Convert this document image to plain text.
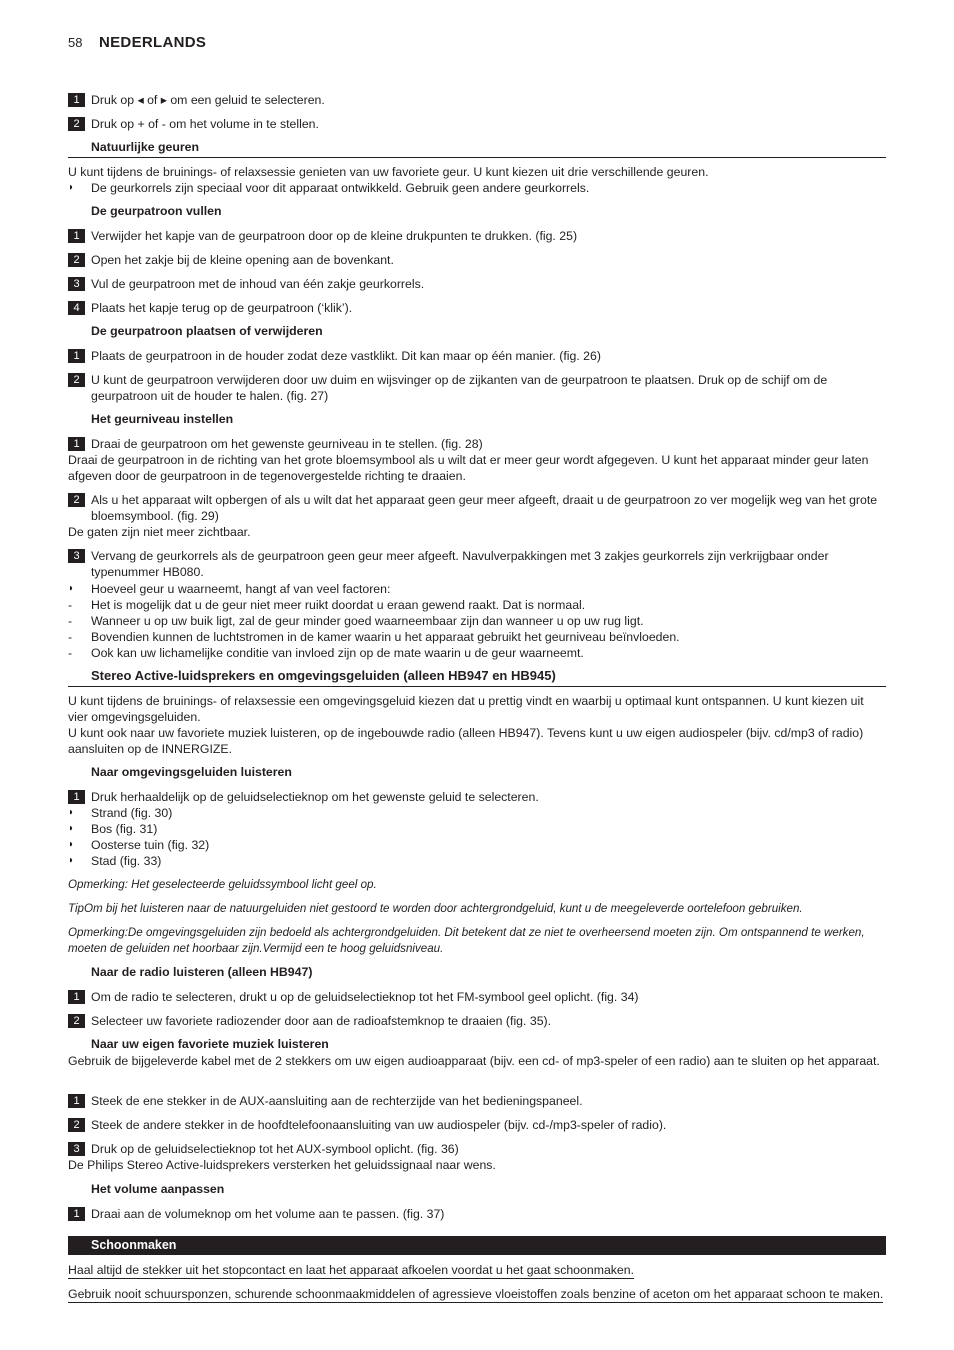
58 NEDERLANDS
1 Druk op ◂ of ▸ om een geluid te selecteren.
2 Druk op + of - om het volume in te stellen.
Natuurlijke geuren
U kunt tijdens de bruinings- of relaxsessie genieten van uw favoriete geur. U kunt kiezen uit drie verschillende geuren.
◗	De geurkorrels zijn speciaal voor dit apparaat ontwikkeld. Gebruik geen andere geurkorrels.
De geurpatroon vullen
1 Verwijder het kapje van de geurpatroon door op de kleine drukpunten te drukken. (fig. 25)
2 Open het zakje bij de kleine opening aan de bovenkant.
3 Vul de geurpatroon met de inhoud van één zakje geurkorrels.
4 Plaats het kapje terug op de geurpatroon (‘klik’).
De geurpatroon plaatsen of verwijderen
1 Plaats de geurpatroon in de houder zodat deze vastklikt. Dit kan maar op één manier. (fig. 26)
2 U kunt de geurpatroon verwijderen door uw duim en wijsvinger op de zijkanten van de geurpatroon te plaatsen. Druk op de schijf om de geurpatroon uit de houder te halen. (fig. 27)
Het geurniveau instellen
1 Draai de geurpatroon om het gewenste geurniveau in te stellen. (fig. 28)
Draai de geurpatroon in de richting van het grote bloemsymbool als u wilt dat er meer geur wordt afgegeven. U kunt het apparaat minder geur laten afgeven door de geurpatroon in de tegenovergestelde richting te draaien.
2 Als u het apparaat wilt opbergen of als u wilt dat het apparaat geen geur meer afgeeft, draait u de geurpatroon zo ver mogelijk weg van het grote bloemsymbool. (fig. 29)
De gaten zijn niet meer zichtbaar.
3 Vervang de geurkorrels als de geurpatroon geen geur meer afgeeft. Navulverpakkingen met 3 zakjes geurkorrels zijn verkrijgbaar onder typenummer HB080.
◗	Hoeveel geur u waarneemt, hangt af van veel factoren:
-	Het is mogelijk dat u de geur niet meer ruikt doordat u eraan gewend raakt. Dat is normaal.
-	Wanneer u op uw buik ligt, zal de geur minder goed waarneembaar zijn dan wanneer u op uw rug ligt.
-	Bovendien kunnen de luchtstromen in de kamer waarin u het apparaat gebruikt het geurniveau beïnvloeden.
-	Ook kan uw lichamelijke conditie van invloed zijn op de mate waarin u de geur waarneemt.
Stereo Active-luidsprekers en omgevingsgeluiden (alleen HB947 en HB945)
U kunt tijdens de bruinings- of relaxsessie een omgevingsgeluid kiezen dat u prettig vindt en waarbij u optimaal kunt ontspannen. U kunt kiezen uit vier omgevingsgeluiden.
U kunt ook naar uw favoriete muziek luisteren, op de ingebouwde radio (alleen HB947). Tevens kunt u uw eigen audiospeler (bijv. cd/mp3 of radio) aansluiten op de INNERGIZE.
Naar omgevingsgeluiden luisteren
1 Druk herhaaldelijk op de geluidselectieknop om het gewenste geluid te selecteren.
◗	Strand (fig. 30)
◗	Bos (fig. 31)
◗	Oosterse tuin (fig. 32)
◗	Stad (fig. 33)
Opmerking: Het geselecteerde geluidssymbool licht geel op.
TipOm bij het luisteren naar de natuurgeluiden niet gestoord te worden door achtergrondgeluid, kunt u de meegeleverde oortelefoon gebruiken.
Opmerking:De omgevingsgeluiden zijn bedoeld als achtergrondgeluiden. Dit betekent dat ze niet te overheersend moeten zijn. Om ontspannend te werken, moeten de geluiden net hoorbaar zijn.Vermijd een te hoog geluidsniveau.
Naar de radio luisteren (alleen HB947)
1 Om de radio te selecteren, drukt u op de geluidselectieknop tot het FM-symbool geel oplicht. (fig. 34)
2 Selecteer uw favoriete radiozender door aan de radioafstemknop te draaien (fig. 35).
Naar uw eigen favoriete muziek luisteren
Gebruik de bijgeleverde kabel met de 2 stekkers om uw eigen audioapparaat (bijv. een cd- of mp3-speler of een radio) aan te sluiten op het apparaat.
1 Steek de ene stekker in de AUX-aansluiting aan de rechterzijde van het bedieningspaneel.
2 Steek de andere stekker in de hoofdtelefoonaansluiting van uw audiospeler (bijv. cd-/mp3-speler of radio).
3 Druk op de geluidselectieknop tot het AUX-symbool oplicht. (fig. 36)
De Philips Stereo Active-luidsprekers versterken het geluidssignaal naar wens.
Het volume aanpassen
1 Draai aan de volumeknop om het volume aan te passen. (fig. 37)
Schoonmaken
Haal altijd de stekker uit het stopcontact en laat het apparaat afkoelen voordat u het gaat schoonmaken.
Gebruik nooit schuursponzen, schurende schoonmaakmiddelen of agressieve vloeistoffen zoals benzine of aceton om het apparaat schoon te maken.
